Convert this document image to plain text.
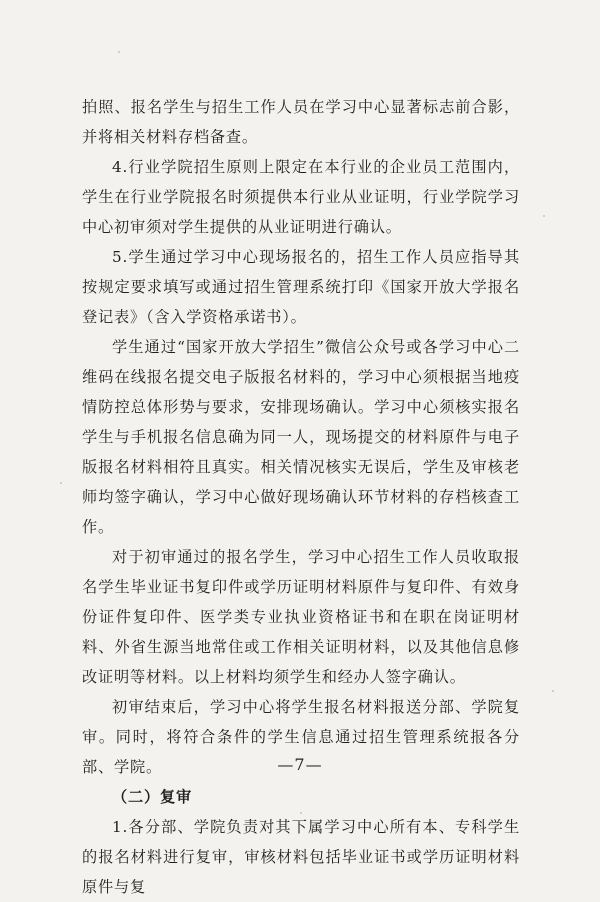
拍照、报名学生与招生工作人员在学习中心显著标志前合影，并将相关材料存档备查。

4.行业学院招生原则上限定在本行业的企业员工范围内，学生在行业学院报名时须提供本行业从业证明，行业学院学习中心初审须对学生提供的从业证明进行确认。

5.学生通过学习中心现场报名的，招生工作人员应指导其按规定要求填写或通过招生管理系统打印《国家开放大学报名登记表》（含入学资格承诺书）。

学生通过“国家开放大学招生”微信公众号或各学习中心二维码在线报名提交电子版报名材料的，学习中心须根据当地疫情防控总体形势与要求，安排现场确认。学习中心须核实报名学生与手机报名信息确为同一人，现场提交的材料原件与电子版报名材料相符且真实。相关情况核实无误后，学生及审核老师均签字确认，学习中心做好现场确认环节材料的存档核查工作。

对于初审通过的报名学生，学习中心招生工作人员收取报名学生毕业证书复印件或学历证明材料原件与复印件、有效身份证件复印件、医学类专业执业资格证书和在职在岗证明材料、外省生源当地常住或工作相关证明材料，以及其他信息修改证明等材料。以上材料均须学生和经办人签字确认。

初审结束后，学习中心将学生报名材料报送分部、学院复审。同时，将符合条件的学生信息通过招生管理系统报各分部、学院。

（二）复审

1.各分部、学院负责对其下属学习中心所有本、专科学生的报名材料进行复审，审核材料包括毕业证书或学历证明材料原件与复

—7—
